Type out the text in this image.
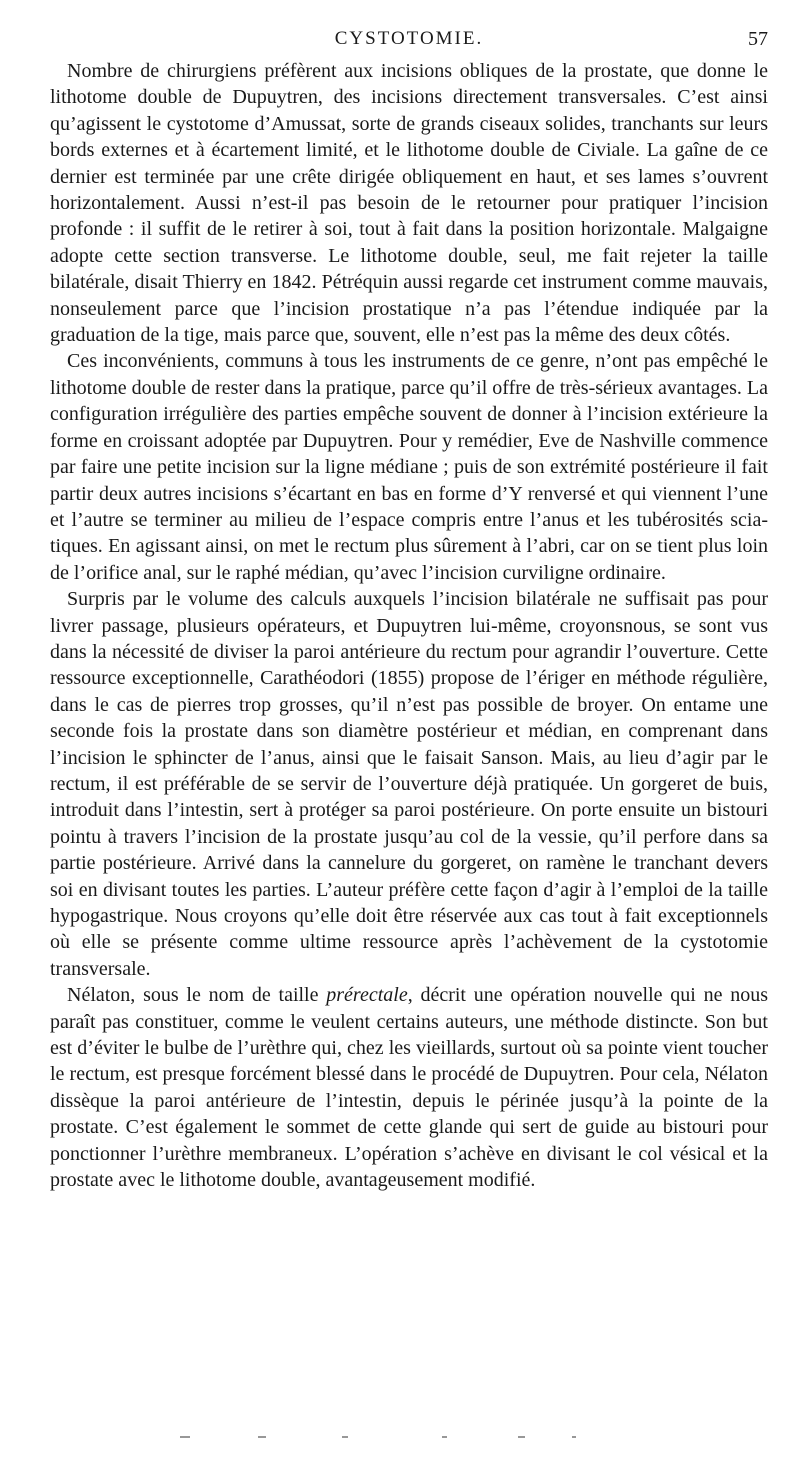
CYSTOTOMIE.	57

Nombre de chirurgiens préfèrent aux incisions obliques de la prostate, que donne le lithotome double de Dupuytren, des incisions directement transversales. C’est ainsi qu’agissent le cystotome d’Amussat, sorte de grands ciseaux solides, tranchants sur leurs bords externes et à écartement limité, et le lithotome double de Civiale. La gaîne de ce dernier est terminée par une crête dirigée obliquement en haut, et ses lames s’ouvrent horizontalement. Aussi n’est-il pas besoin de le retourner pour pratiquer l’incision profonde : il suffit de le retirer à soi, tout à fait dans la position horizontale. Malgaigne adopte cette section transverse. Le lithotome double, seul, me fait rejeter la taille bilatérale, disait Thierry en 1842. Pétréquin aussi regarde cet instrument comme mauvais, nonseulement parce que l’incision prostatique n’a pas l’étendue indiquée par la graduation de la tige, mais parce que, souvent, elle n’est pas la même des deux côtés.

Ces inconvénients, communs à tous les instruments de ce genre, n’ont pas empêché le lithotome double de rester dans la pratique, parce qu’il offre de très-sérieux avantages. La configuration irrégulière des parties empêche souvent de donner à l’incision extérieure la forme en croissant adoptée par Dupuytren. Pour y remédier, Eve de Nashville commence par faire une petite incision sur la ligne médiane ; puis de son extrémité postérieure il fait partir deux autres incisions s’écartant en bas en forme d’Y renversé et qui viennent l’une et l’autre se terminer au milieu de l’espace compris entre l’anus et les tubérosités sciatiques. En agissant ainsi, on met le rectum plus sûrement à l’abri, car on se tient plus loin de l’orifice anal, sur le raphé médian, qu’avec l’incision curviligne ordinaire.

Surpris par le volume des calculs auxquels l’incision bilatérale ne suffisait pas pour livrer passage, plusieurs opérateurs, et Dupuytren lui-même, croyonsnous, se sont vus dans la nécessité de diviser la paroi antérieure du rectum pour agrandir l’ouverture. Cette ressource exceptionnelle, Carathéodori (1855) propose de l’ériger en méthode régulière, dans le cas de pierres trop grosses, qu’il n’est pas possible de broyer. On entame une seconde fois la prostate dans son diamètre postérieur et médian, en comprenant dans l’incision le sphincter de l’anus, ainsi que le faisait Sanson. Mais, au lieu d’agir par le rectum, il est préférable de se servir de l’ouverture déjà pratiquée. Un gorgeret de buis, introduit dans l’intestin, sert à protéger sa paroi postérieure. On porte ensuite un bistouri pointu à travers l’incision de la prostate jusqu’au col de la vessie, qu’il perfore dans sa partie postérieure. Arrivé dans la cannelure du gorgeret, on ramène le tranchant devers soi en divisant toutes les parties. L’auteur préfère cette façon d’agir à l’emploi de la taille hypogastrique. Nous croyons qu’elle doit être réservée aux cas tout à fait exceptionnels où elle se présente comme ultime ressource après l’achèvement de la cystotomie transversale.

Nélaton, sous le nom de taille prérectale, décrit une opération nouvelle qui ne nous paraît pas constituer, comme le veulent certains auteurs, une méthode distincte. Son but est d’éviter le bulbe de l’urèthre qui, chez les vieillards, surtout où sa pointe vient toucher le rectum, est presque forcément blessé dans le procédé de Dupuytren. Pour cela, Nélaton dissèque la paroi antérieure de l’intestin, depuis le périnée jusqu’à la pointe de la prostate. C’est également le sommet de cette glande qui sert de guide au bistouri pour ponctionner l’urèthre membraneux. L’opération s’achève en divisant le col vésical et la prostate avec le lithotome double, avantageusement modifié.
